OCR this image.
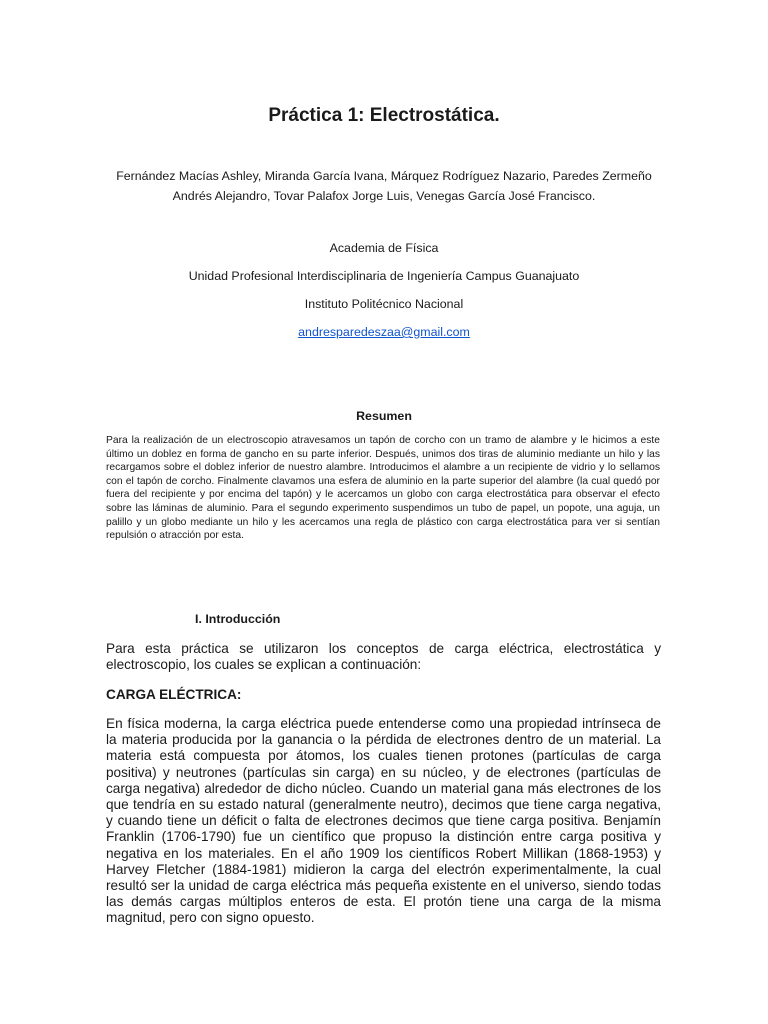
Práctica 1: Electrostática.

Fernández Macías Ashley, Miranda García Ivana, Márquez Rodríguez Nazario, Paredes Zermeño Andrés Alejandro, Tovar Palafox Jorge Luis, Venegas García José Francisco.

Academia de Física

Unidad Profesional Interdisciplinaria de Ingeniería Campus Guanajuato

Instituto Politécnico Nacional

andresparedeszaa@gmail.com
Resumen

Para la realización de un electroscopio atravesamos un tapón de corcho con un tramo de alambre y le hicimos a este último un doblez en forma de gancho en su parte inferior. Después, unimos dos tiras de aluminio mediante un hilo y las recargamos sobre el doblez inferior de nuestro alambre. Introducimos el alambre a un recipiente de vidrio y lo sellamos con el tapón de corcho. Finalmente clavamos una esfera de aluminio en la parte superior del alambre (la cual quedó por fuera del recipiente y por encima del tapón) y le acercamos un globo con carga electrostática para observar el efecto sobre las láminas de aluminio. Para el segundo experimento suspendimos un tubo de papel, un popote, una aguja, un palillo y un globo mediante un hilo y les acercamos una regla de plástico con carga electrostática para ver si sentían repulsión o atracción por esta.

I. Introducción

Para esta práctica se utilizaron los conceptos de carga eléctrica, electrostática y electroscopio, los cuales se explican a continuación:

CARGA ELÉCTRICA:

En física moderna, la carga eléctrica puede entenderse como una propiedad intrínseca de la materia producida por la ganancia o la pérdida de electrones dentro de un material. La materia está compuesta por átomos, los cuales tienen protones (partículas de carga positiva) y neutrones (partículas sin carga) en su núcleo, y de electrones (partículas de carga negativa) alrededor de dicho núcleo. Cuando un material gana más electrones de los que tendría en su estado natural (generalmente neutro), decimos que tiene carga negativa, y cuando tiene un déficit o falta de electrones decimos que tiene carga positiva. Benjamín Franklin (1706-1790) fue un científico que propuso la distinción entre carga positiva y negativa en los materiales. En el año 1909 los científicos Robert Millikan (1868-1953) y Harvey Fletcher (1884-1981) midieron la carga del electrón experimentalmente, la cual resultó ser la unidad de carga eléctrica más pequeña existente en el universo, siendo todas las demás cargas múltiplos enteros de esta. El protón tiene una carga de la misma magnitud, pero con signo opuesto.
